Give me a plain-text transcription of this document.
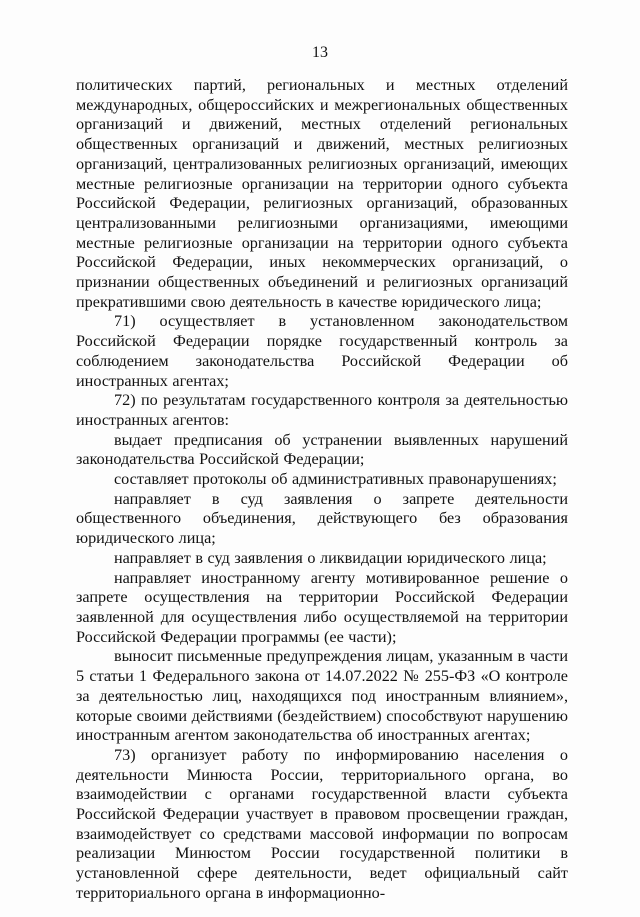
13

политических партий, региональных и местных отделений международных, общероссийских и межрегиональных общественных организаций и движений, местных отделений региональных общественных организаций и движений, местных религиозных организаций, централизованных религиозных организаций, имеющих местные религиозные организации на территории одного субъекта Российской Федерации, религиозных организаций, образованных централизованными религиозными организациями, имеющими местные религиозные организации на территории одного субъекта Российской Федерации, иных некоммерческих организаций, о признании общественных объединений и религиозных организаций прекратившими свою деятельность в качестве юридического лица;

71) осуществляет в установленном законодательством Российской Федерации порядке государственный контроль за соблюдением законодательства Российской Федерации об иностранных агентах;

72) по результатам государственного контроля за деятельностью иностранных агентов:

выдает предписания об устранении выявленных нарушений законодательства Российской Федерации;

составляет протоколы об административных правонарушениях;

направляет в суд заявления о запрете деятельности общественного объединения, действующего без образования юридического лица;

направляет в суд заявления о ликвидации юридического лица;

направляет иностранному агенту мотивированное решение о запрете осуществления на территории Российской Федерации заявленной для осуществления либо осуществляемой на территории Российской Федерации программы (ее части);

выносит письменные предупреждения лицам, указанным в части 5 статьи 1 Федерального закона от 14.07.2022 № 255-ФЗ «О контроле за деятельностью лиц, находящихся под иностранным влиянием», которые своими действиями (бездействием) способствуют нарушению иностранным агентом законодательства об иностранных агентах;

73) организует работу по информированию населения о деятельности Минюста России, территориального органа, во взаимодействии с органами государственной власти субъекта Российской Федерации участвует в правовом просвещении граждан, взаимодействует со средствами массовой информации по вопросам реализации Минюстом России государственной политики в установленной сфере деятельности, ведет официальный сайт территориального органа в информационно-
